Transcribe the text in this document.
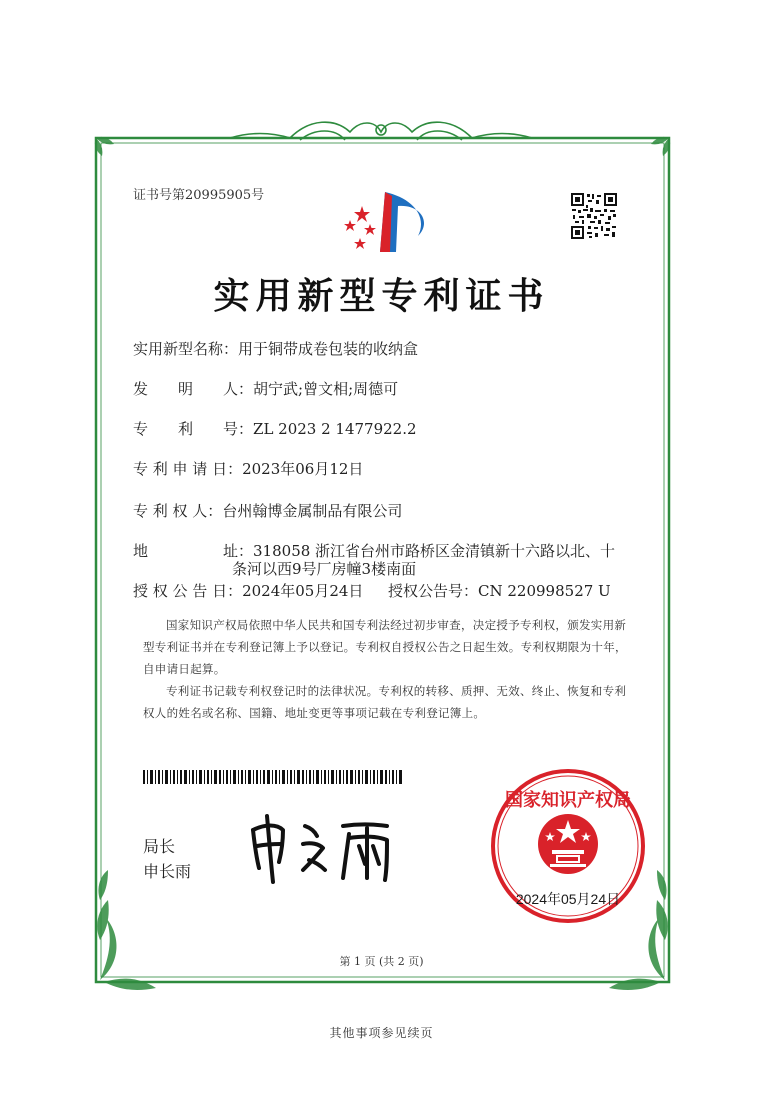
证书号第20995905号
实用新型专利证书
实用新型名称：用于铜带成卷包装的收纳盒
发　　明　　人：胡宁武;曾文相;周德可
专　　利　　号：ZL 2023 2 1477922.2
专 利 申 请 日：2023年06月12日
专 利 权 人：台州翰博金属制品有限公司
地　　　　　址：318058 浙江省台州市路桥区金清镇新十六路以北、十
条河以西9号厂房幢3楼南面
授 权 公 告 日：2024年05月24日 授权公告号：CN 220998527 U
国家知识产权局依照中华人民共和国专利法经过初步审查，决定授予专利权，颁发实用新型专利证书并在专利登记簿上予以登记。专利权自授权公告之日起生效。专利权期限为十年，自申请日起算。
专利证书记载专利权登记时的法律状况。专利权的转移、质押、无效、终止、恢复和专利权人的姓名或名称、国籍、地址变更等事项记载在专利登记簿上。
局长
申长雨
申长雨	国家知识产权局
2024年05月24日
第 1 页 (共 2 页)
其他事项参见续页
